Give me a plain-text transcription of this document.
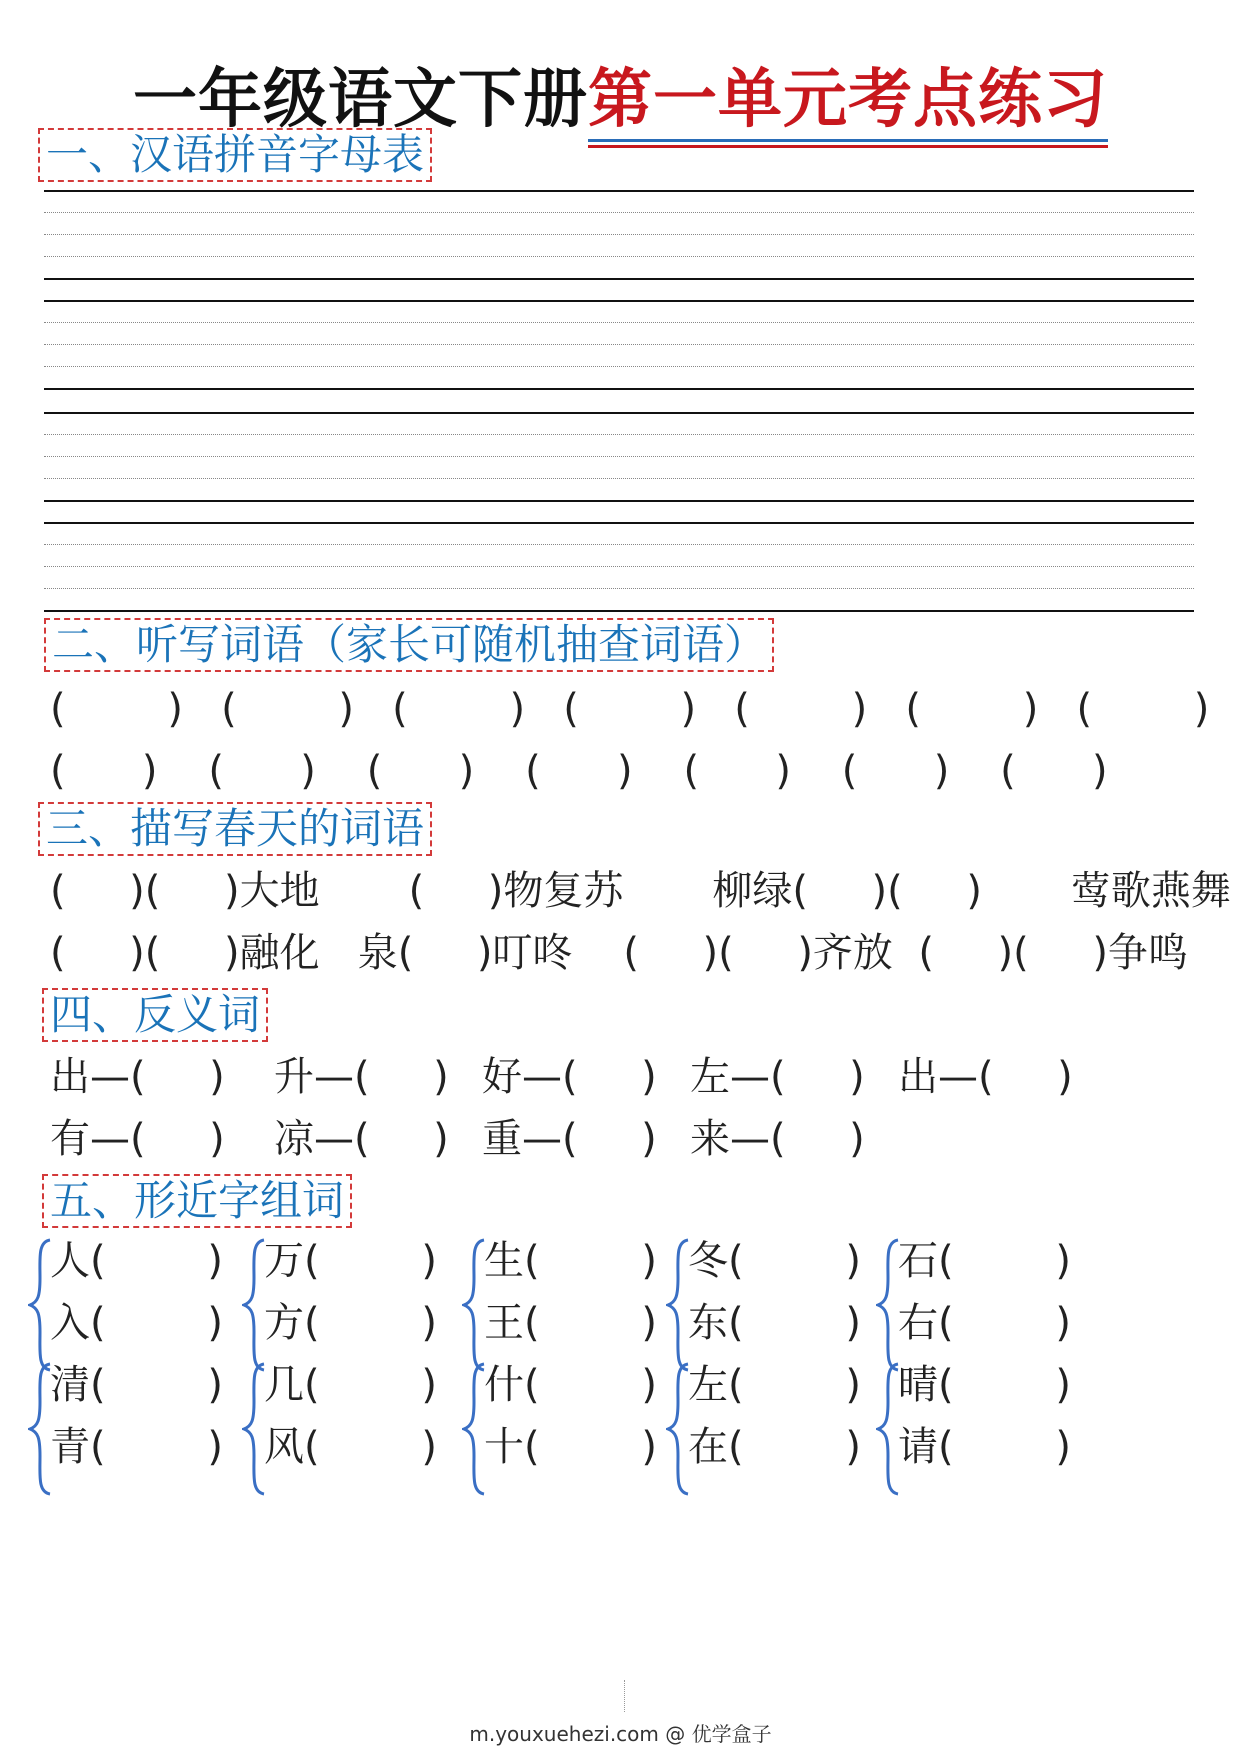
一年级语文下册第一单元考点练习
一、汉语拼音字母表
二、听写词语（家长可随机抽查词语）
(        )   (        )   (        )   (        )   (        )   (        )   (        )
(      )    (      )    (      )    (      )    (      )    (      )    (      )
三、描写春天的词语
(     )(     )大地       (     )物复苏       柳绿(     )(     )       莺歌燕舞
(     )(     )融化   泉(     )叮咚    (     )(     )齐放  (     )(     )争鸣
四、反义词
出—(     ) 升—(     ) 好—(     ) 左—(     ) 出—(     )
有—(     ) 凉—(     ) 重—(     ) 来—(     )
五、形近字组词
人(        )
入(        )
万(        )
方(        )
生(        )
王(        )
冬(        )
东(        )
石(        )
右(        )
清(        )
青(        )
几(        )
风(        )
什(        )
十(        )
左(        )
在(        )
晴(        )
请(        )
m.youxuehezi.com @ 优学盒子
